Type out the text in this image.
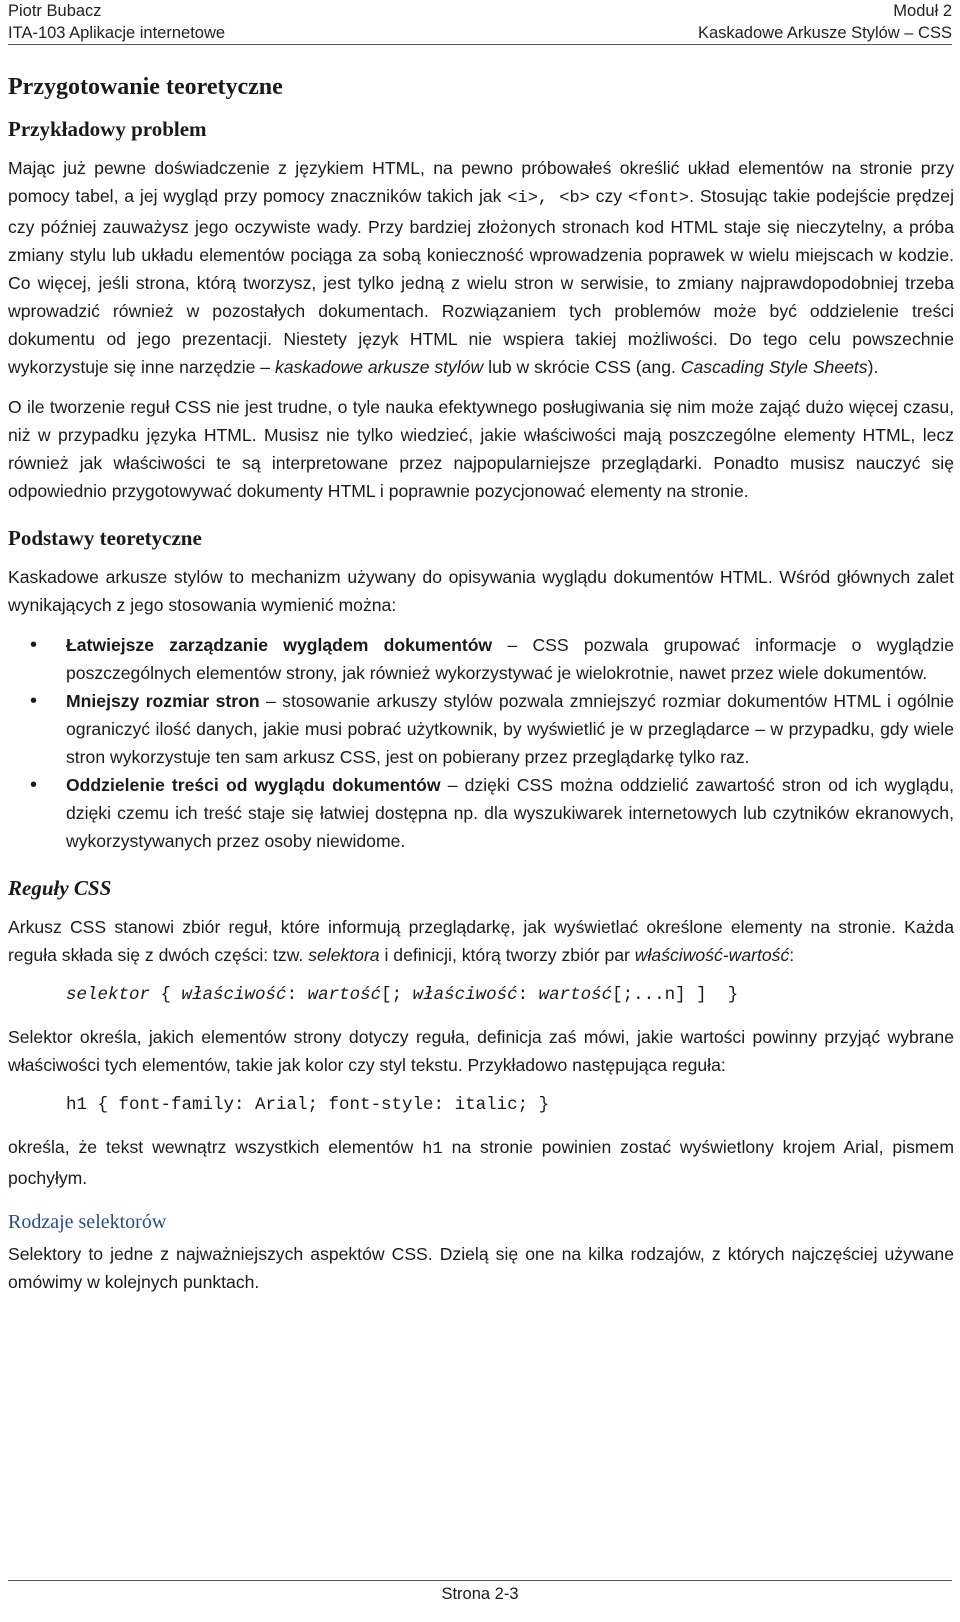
Piotr Bubacz
ITA-103 Aplikacje internetowe
Moduł 2
Kaskadowe Arkusze Stylów – CSS
Przygotowanie teoretyczne
Przykładowy problem

Mając już pewne doświadczenie z językiem HTML, na pewno próbowałeś określić układ elementów na stronie przy pomocy tabel, a jej wygląd przy pomocy znaczników takich jak <i>, <b> czy <font>. Stosując takie podejście prędzej czy później zauważysz jego oczywiste wady. Przy bardziej złożonych stronach kod HTML staje się nieczytelny, a próba zmiany stylu lub układu elementów pociąga za sobą konieczność wprowadzenia poprawek w wielu miejscach w kodzie. Co więcej, jeśli strona, którą tworzysz, jest tylko jedną z wielu stron w serwisie, to zmiany najprawdopodobniej trzeba wprowadzić również w pozostałych dokumentach. Rozwiązaniem tych problemów może być oddzielenie treści dokumentu od jego prezentacji. Niestety język HTML nie wspiera takiej możliwości. Do tego celu powszechnie wykorzystuje się inne narzędzie – kaskadowe arkusze stylów lub w skrócie CSS (ang. Cascading Style Sheets).

O ile tworzenie reguł CSS nie jest trudne, o tyle nauka efektywnego posługiwania się nim może zająć dużo więcej czasu, niż w przypadku języka HTML. Musisz nie tylko wiedzieć, jakie właściwości mają poszczególne elementy HTML, lecz również jak właściwości te są interpretowane przez najpopularniejsze przeglądarki. Ponadto musisz nauczyć się odpowiednio przygotowywać dokumenty HTML i poprawnie pozycjonować elementy na stronie.

Podstawy teoretyczne

Kaskadowe arkusze stylów to mechanizm używany do opisywania wyglądu dokumentów HTML. Wśród głównych zalet wynikających z jego stosowania wymienić można:

• Łatwiejsze zarządzanie wyglądem dokumentów – CSS pozwala grupować informacje o wyglądzie poszczególnych elementów strony, jak również wykorzystywać je wielokrotnie, nawet przez wiele dokumentów.
• Mniejszy rozmiar stron – stosowanie arkuszy stylów pozwala zmniejszyć rozmiar dokumentów HTML i ogólnie ograniczyć ilość danych, jakie musi pobrać użytkownik, by wyświetlić je w przeglądarce – w przypadku, gdy wiele stron wykorzystuje ten sam arkusz CSS, jest on pobierany przez przeglądarkę tylko raz.
• Oddzielenie treści od wyglądu dokumentów – dzięki CSS można oddzielić zawartość stron od ich wyglądu, dzięki czemu ich treść staje się łatwiej dostępna np. dla wyszukiwarek internetowych lub czytników ekranowych, wykorzystywanych przez osoby niewidome.
Reguły CSS

Arkusz CSS stanowi zbiór reguł, które informują przeglądarkę, jak wyświetlać określone elementy na stronie. Każda reguła składa się z dwóch części: tzw. selektora i definicji, którą tworzy zbiór par właściwość-wartość:

selektor { właściwość: wartość[; właściwość: wartość[;...n] ]  }

Selektor określa, jakich elementów strony dotyczy reguła, definicja zaś mówi, jakie wartości powinny przyjąć wybrane właściwości tych elementów, takie jak kolor czy styl tekstu. Przykładowo następująca reguła:

h1 { font-family: Arial; font-style: italic; }

określa, że tekst wewnątrz wszystkich elementów h1 na stronie powinien zostać wyświetlony krojem Arial, pismem pochyłym.

Rodzaje selektorów

Selektory to jedne z najważniejszych aspektów CSS. Dzielą się one na kilka rodzajów, z których najczęściej używane omówimy w kolejnych punktach.

Strona 2-3
